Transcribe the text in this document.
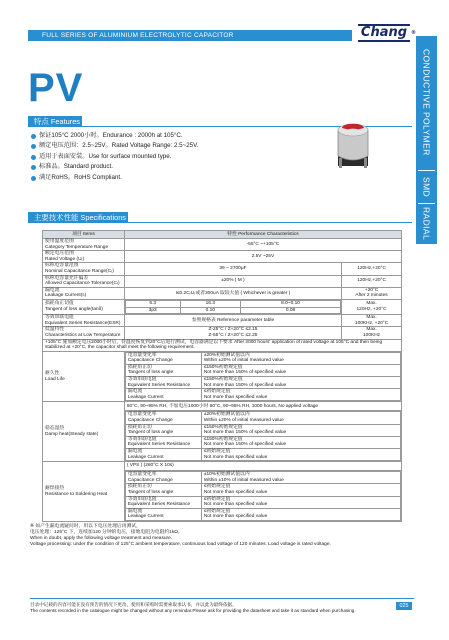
FULL SERIES OF ALUMINIUM ELECTROLYTIC CAPACITOR	Chang ®
CONDUCTIVE POLYMER
SMD
RADIAL
PV
特点 Features
保证105°C 2000小时。Endurance : 2000h at 105°C.
额定电压范围：2.5~25V。Rated Voltage Range: 2.5~25V.
适用于表面安装。Use for surface mounted type.
标准品。Standard product.
满足RoHS。RoHS Compliant.
主要技术性能 Specifications
项目 Items	特性 Performance Characteristics
使用温度范围
Category Temperature Range	-55°C ~+105°C
额定电压范围
Rated Voltage (Uᵣ)	2.5V ~25V
标称电容量范围
Nominal Capacitance Range(Cᵣ)	39 ~ 2700μF	120Hz,+20°C
标称电容量允许偏差
Allowed Capacitance Tolerance(Cᵣ)	±20% ( M )	120Hz,+20°C
漏电流
Leakage Current(Iₗ)	I≤0.2CᵣUᵣ或者300uA 取较大值 ( Whichever is greater )	+20°C
After 2 minutes
损耗角正切值
Tangent of loss angle(tanδ)	
6.3	16.3	8.0~0.10
3p3	0.10	0.08
	Max.
120Hz, +20°C
等效串联电阻
Equivalent Series Resistance(ESR)	参照规格表 Reference parameter table	Max.
100KHz, +20°C
低温特性
Characteristics at Low Temperature	
Z-25°C / Z+20°C ≤2.15
Z-55°C / Z+20°C ≤2.25
	Max.
100KHz
+105°C 施加额定电压2000小时后，待温度恢复到20°C后进行测试，电容器满足以下要求 After 2000 hours' application of rated voltage at 105°C and then being stabilized at +20°C, the capacitor shall meet the following requirement.
耐久性
Load Life	
电容量变化率
Capacitance Change	±20%初始测试值以内
Within ±20% of initial measured value
损耗角正切
Tangent of loss angle	≤150%初始规定值
Not more than 150% of specified value
等效串联电阻
Equivalent Series Resistance	≤150%初始规定值
Not more than 150% of specified value
漏电流
Leakage Current	≤初始规定值
Not more than specified value

稳态湿热
Damp heat(Steady state)	60°C, 90~95% RH, 不加电压1000小时 60°C, 90~95% RH, 1000 hours, No applied voltage

电容量变化率
Capacitance Change	±20%初始测试值以内
Within ±20% of initial measured value
损耗角正切
Tangent of loss angle	≤150%初始规定值
Not more than 150% of specified value
等效串联电阻
Equivalent Series Resistance	≤150%初始规定值
Not more than 150% of specified value
漏电流
Leakage Current	≤初始规定值
Not more than specified value

耐焊接热
Resistance to Soldering Heat	( VPS ) (260°C X 10s)

电容量变化率
Capacitance Change	±10%初始测试值以内
Within ±10% of initial measured value
损耗角正切
Tangent of loss angle	≤初始规定值
Not more than specified value
等效串联电阻
Equivalent Series Resistance	≤初始规定值
Not more than specified value
漏电流
Leakage Current	≤初始规定值
Not more than specified value
※ 如产生漏电流疑问时，用以下电压处理后再测试，
电压处理：125°C 下，连续加120 分钟的电压，接地电阻为电阻约1kΩ。
When in doubt, apply the following voltage treatment and measure.
Voltage processing: under the condition of 125°C ambient temperature, continuous load voltage of 120 minutes. Load voltage is rated voltage.
目录中记载的内容可能在没有预告的情况下更改，使用和采购时需要索取承认书，并以此为最终依据。
The contents recorded in the catalogue might be changed without any remindar.Please ask for providing the datasheet and take it as standard when purchasing.
025
